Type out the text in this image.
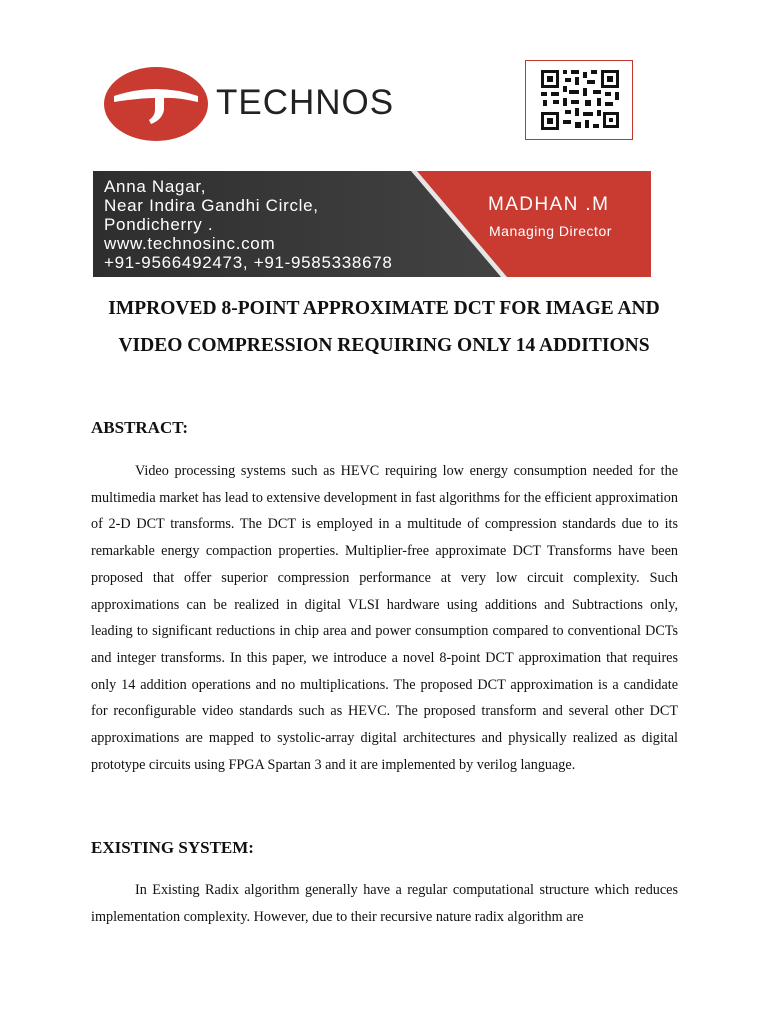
TECHNOS
Anna Nagar,
Near Indira Gandhi Circle,
Pondicherry .
www.technosinc.com
+91-9566492473, +91-9585338678
MADHAN .M
Managing Director
IMPROVED 8-POINT APPROXIMATE DCT FOR IMAGE AND VIDEO COMPRESSION REQUIRING ONLY 14 ADDITIONS
ABSTRACT:

Video processing systems such as HEVC requiring low energy consumption needed for the multimedia market has lead to extensive development in fast algorithms for the efficient approximation of 2-D DCT transforms. The DCT is employed in a multitude of compression standards due to its remarkable energy compaction properties. Multiplier-free approximate DCT Transforms have been proposed that offer superior compression performance at very low circuit complexity. Such approximations can be realized in digital VLSI hardware using additions and Subtractions only, leading to significant reductions in chip area and power consumption compared to conventional DCTs and integer transforms. In this paper, we introduce a novel 8-point DCT approximation that requires only 14 addition operations and no multiplications. The proposed DCT approximation is a candidate for reconfigurable video standards such as HEVC. The proposed transform and several other DCT approximations are mapped to systolic-array digital architectures and physically realized as digital prototype circuits using FPGA Spartan 3 and it are implemented by verilog language.

EXISTING SYSTEM:

In Existing Radix algorithm generally have a regular computational structure which reduces implementation complexity. However, due to their recursive nature radix algorithm are
